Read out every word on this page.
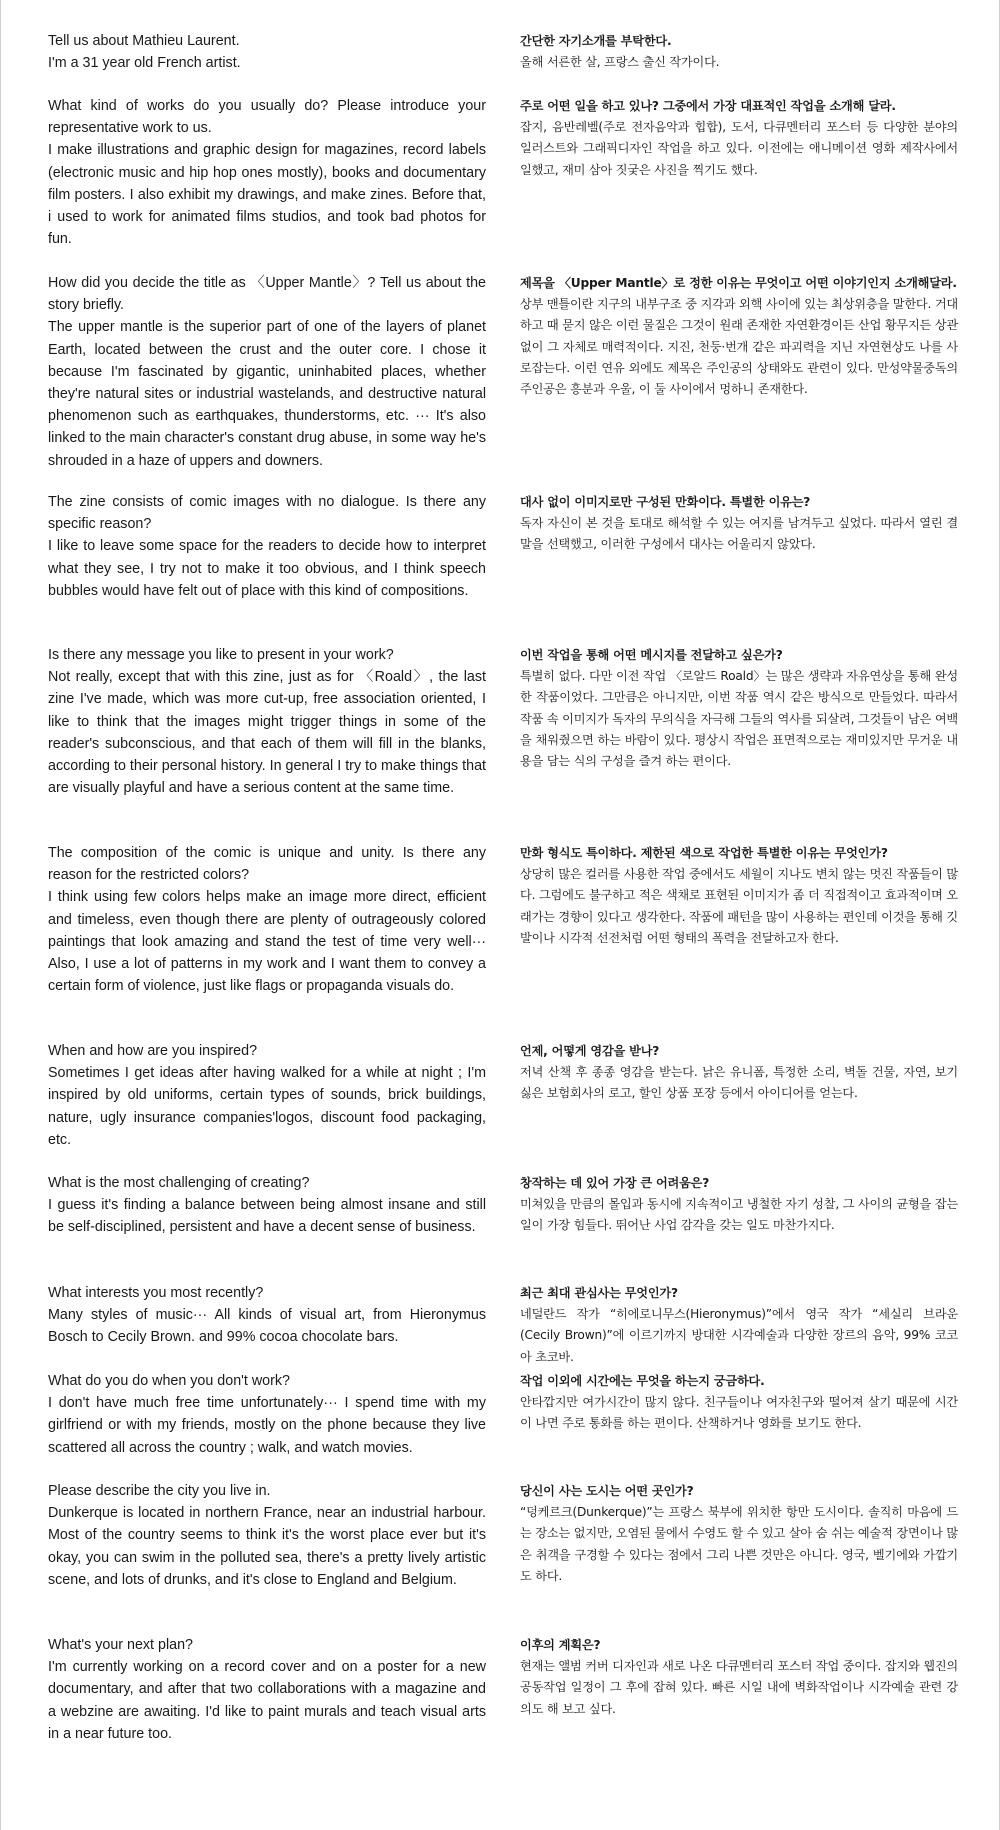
Tell us about Mathieu Laurent.

I'm a 31 year old French artist.

간단한 자기소개를 부탁한다.

올해 서른한 살, 프랑스 출신 작가이다.

What kind of works do you usually do? Please introduce your representative work to us.

I make illustrations and graphic design for magazines, record labels (electronic music and hip hop ones mostly), books and documentary film posters. I also exhibit my drawings, and make zines. Before that, i used to work for animated films studios, and took bad photos for fun.

주로 어떤 일을 하고 있나? 그중에서 가장 대표적인 작업을 소개해 달라.

잡지, 음반레벨(주로 전자음악과 힙합), 도서, 다큐멘터리 포스터 등 다양한 분야의 일러스트와 그래픽디자인 작업을 하고 있다. 이전에는 애니메이션 영화 제작사에서 일했고, 재미 삼아 짓궂은 사진을 찍기도 했다.

How did you decide the title as 〈Upper Mantle〉? Tell us about the story briefly.

The upper mantle is the superior part of one of the layers of planet Earth, located between the crust and the outer core. I chose it because I'm fascinated by gigantic, uninhabited places, whether they're natural sites or industrial wastelands, and destructive natural phenomenon such as earthquakes, thunderstorms, etc. ··· It's also linked to the main character's constant drug abuse, in some way he's shrouded in a haze of uppers and downers.

제목을 〈Upper Mantle〉로 정한 이유는 무엇이고 어떤 이야기인지 소개해달라.

상부 맨틀이란 지구의 내부구조 중 지각과 외핵 사이에 있는 최상위층을 말한다. 거대하고 때 묻지 않은 이런 물질은 그것이 원래 존재한 자연환경이든 산업 황무지든 상관없이 그 자체로 매력적이다. 지진, 천둥·번개 같은 파괴력을 지닌 자연현상도 나를 사로잡는다. 이런 연유 외에도 제목은 주인공의 상태와도 관련이 있다. 만성약물중독의 주인공은 흥분과 우울, 이 둘 사이에서 멍하니 존재한다.

The zine consists of comic images with no dialogue. Is there any specific reason?

I like to leave some space for the readers to decide how to interpret what they see, I try not to make it too obvious, and I think speech bubbles would have felt out of place with this kind of compositions.

대사 없이 이미지로만 구성된 만화이다. 특별한 이유는?

독자 자신이 본 것을 토대로 해석할 수 있는 여지를 남겨두고 싶었다. 따라서 열린 결말을 선택했고, 이러한 구성에서 대사는 어울리지 않았다.

Is there any message you like to present in your work?

Not really, except that with this zine, just as for 〈Roald〉, the last zine I've made, which was more cut-up, free association oriented, I like to think that the images might trigger things in some of the reader's subconscious, and that each of them will fill in the blanks, according to their personal history. In general I try to make things that are visually playful and have a serious content at the same time.

이번 작업을 통해 어떤 메시지를 전달하고 싶은가?

특별히 없다. 다만 이전 작업 〈로알드 Roald〉는 많은 생략과 자유연상을 통해 완성한 작품이었다. 그만큼은 아니지만, 이번 작품 역시 같은 방식으로 만들었다. 따라서 작품 속 이미지가 독자의 무의식을 자극해 그들의 역사를 되살려, 그것들이 남은 여백을 채워줬으면 하는 바람이 있다. 평상시 작업은 표면적으로는 재미있지만 무거운 내용을 담는 식의 구성을 즐겨 하는 편이다.

The composition of the comic is unique and unity. Is there any reason for the restricted colors?

I think using few colors helps make an image more direct, efficient and timeless, even though there are plenty of outrageously colored paintings that look amazing and stand the test of time very well··· Also, I use a lot of patterns in my work and I want them to convey a certain form of violence, just like flags or propaganda visuals do.

만화 형식도 특이하다. 제한된 색으로 작업한 특별한 이유는 무엇인가?

상당히 많은 컬러를 사용한 작업 중에서도 세월이 지나도 변치 않는 멋진 작품들이 많다. 그럼에도 불구하고 적은 색채로 표현된 이미지가 좀 더 직접적이고 효과적이며 오래가는 경향이 있다고 생각한다. 작품에 패턴을 많이 사용하는 편인데 이것을 통해 깃발이나 시각적 선전처럼 어떤 형태의 폭력을 전달하고자 한다.

When and how are you inspired?

Sometimes I get ideas after having walked for a while at night ; I'm inspired by old uniforms, certain types of sounds, brick buildings, nature, ugly insurance companies'logos, discount food packaging, etc.

언제, 어떻게 영감을 받나?

저녁 산책 후 종종 영감을 받는다. 낡은 유니폼, 특정한 소리, 벽돌 건물, 자연, 보기 싫은 보험회사의 로고, 할인 상품 포장 등에서 아이디어를 얻는다.

What is the most challenging of creating?

I guess it's finding a balance between being almost insane and still be self-disciplined, persistent and have a decent sense of business.

창작하는 데 있어 가장 큰 어려움은?

미쳐있을 만큼의 몰입과 동시에 지속적이고 냉철한 자기 성찰, 그 사이의 균형을 잡는 일이 가장 힘들다. 뛰어난 사업 감각을 갖는 일도 마찬가지다.

What interests you most recently?

Many styles of music··· All kinds of visual art, from Hieronymus Bosch to Cecily Brown. and 99% cocoa chocolate bars.

최근 최대 관심사는 무엇인가?

네덜란드 작가 “히에로니무스(Hieronymus)”에서 영국 작가 “세실리 브라운(Cecily Brown)”에 이르기까지 방대한 시각예술과 다양한 장르의 음악, 99% 코코아 초코바.

What do you do when you don't work?

I don't have much free time unfortunately··· I spend time with my girlfriend or with my friends, mostly on the phone because they live scattered all across the country ; walk, and watch movies.

작업 이외에 시간에는 무엇을 하는지 궁금하다.

안타깝지만 여가시간이 많지 않다. 친구들이나 여자친구와 떨어져 살기 때문에 시간이 나면 주로 통화를 하는 편이다. 산책하거나 영화를 보기도 한다.

Please describe the city you live in.

Dunkerque is located in northern France, near an industrial harbour. Most of the country seems to think it's the worst place ever but it's okay, you can swim in the polluted sea, there's a pretty lively artistic scene, and lots of drunks, and it's close to England and Belgium.

당신이 사는 도시는 어떤 곳인가?

“덩케르크(Dunkerque)”는 프랑스 북부에 위치한 항만 도시이다. 솔직히 마음에 드는 장소는 없지만, 오염된 물에서 수영도 할 수 있고 살아 숨 쉬는 예술적 장면이나 많은 취객을 구경할 수 있다는 점에서 그리 나쁜 것만은 아니다. 영국, 벨기에와 가깝기도 하다.

What's your next plan?

I'm currently working on a record cover and on a poster for a new documentary, and after that two collaborations with a magazine and a webzine are awaiting. I'd like to paint murals and teach visual arts in a near future too.

이후의 계획은?

현재는 앨범 커버 디자인과 새로 나온 다큐멘터리 포스터 작업 중이다. 잡지와 웹진의 공동작업 일정이 그 후에 잡혀 있다. 빠른 시일 내에 벽화작업이나 시각예술 관련 강의도 해 보고 싶다.
